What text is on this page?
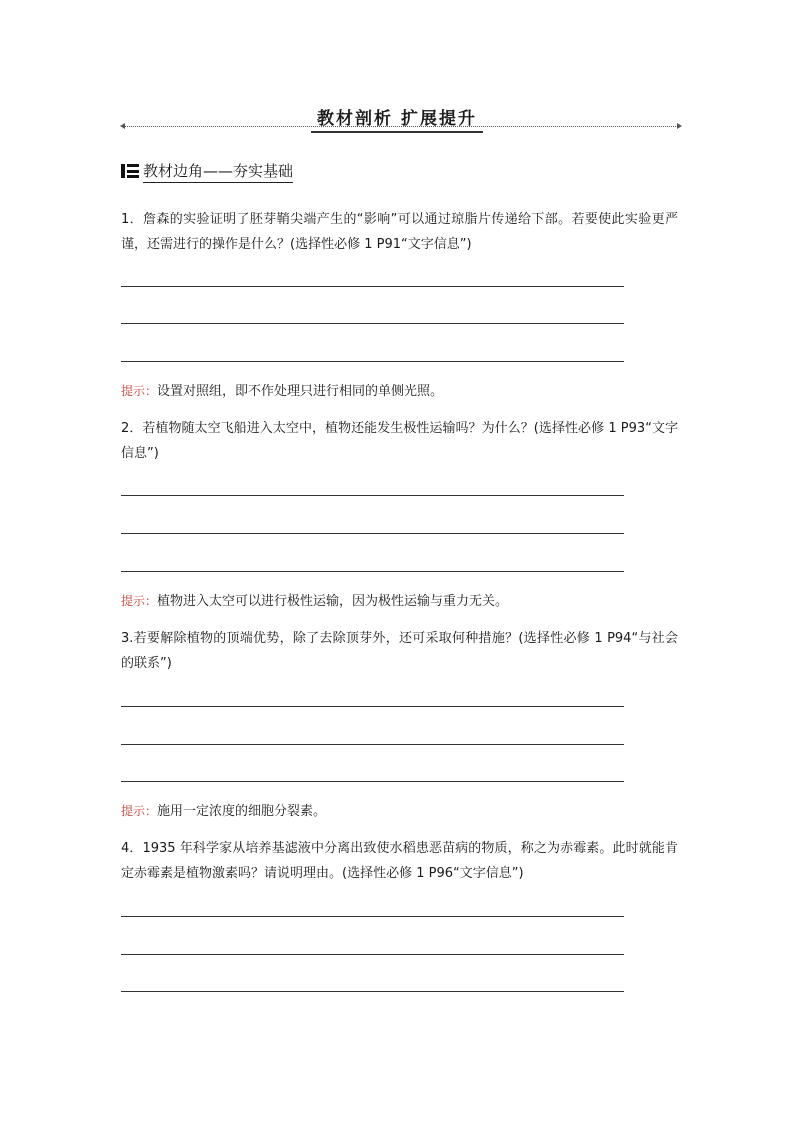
教材剖析 扩展提升
教材边角——夯实基础
1．詹森的实验证明了胚芽鞘尖端产生的“影响”可以通过琼脂片传递给下部。若要使此实验更严谨，还需进行的操作是什么？(选择性必修 1 P91“文字信息”)
提示：设置对照组，即不作处理只进行相同的单侧光照。
2．若植物随太空飞船进入太空中，植物还能发生极性运输吗？为什么？(选择性必修 1 P93“文字信息”)
提示：植物进入太空可以进行极性运输，因为极性运输与重力无关。
3.若要解除植物的顶端优势，除了去除顶芽外，还可采取何种措施？(选择性必修 1 P94“与社会的联系”)
提示：施用一定浓度的细胞分裂素。
4．1935 年科学家从培养基滤液中分离出致使水稻患恶苗病的物质，称之为赤霉素。此时就能肯定赤霉素是植物激素吗？请说明理由。(选择性必修 1 P96“文字信息”)
